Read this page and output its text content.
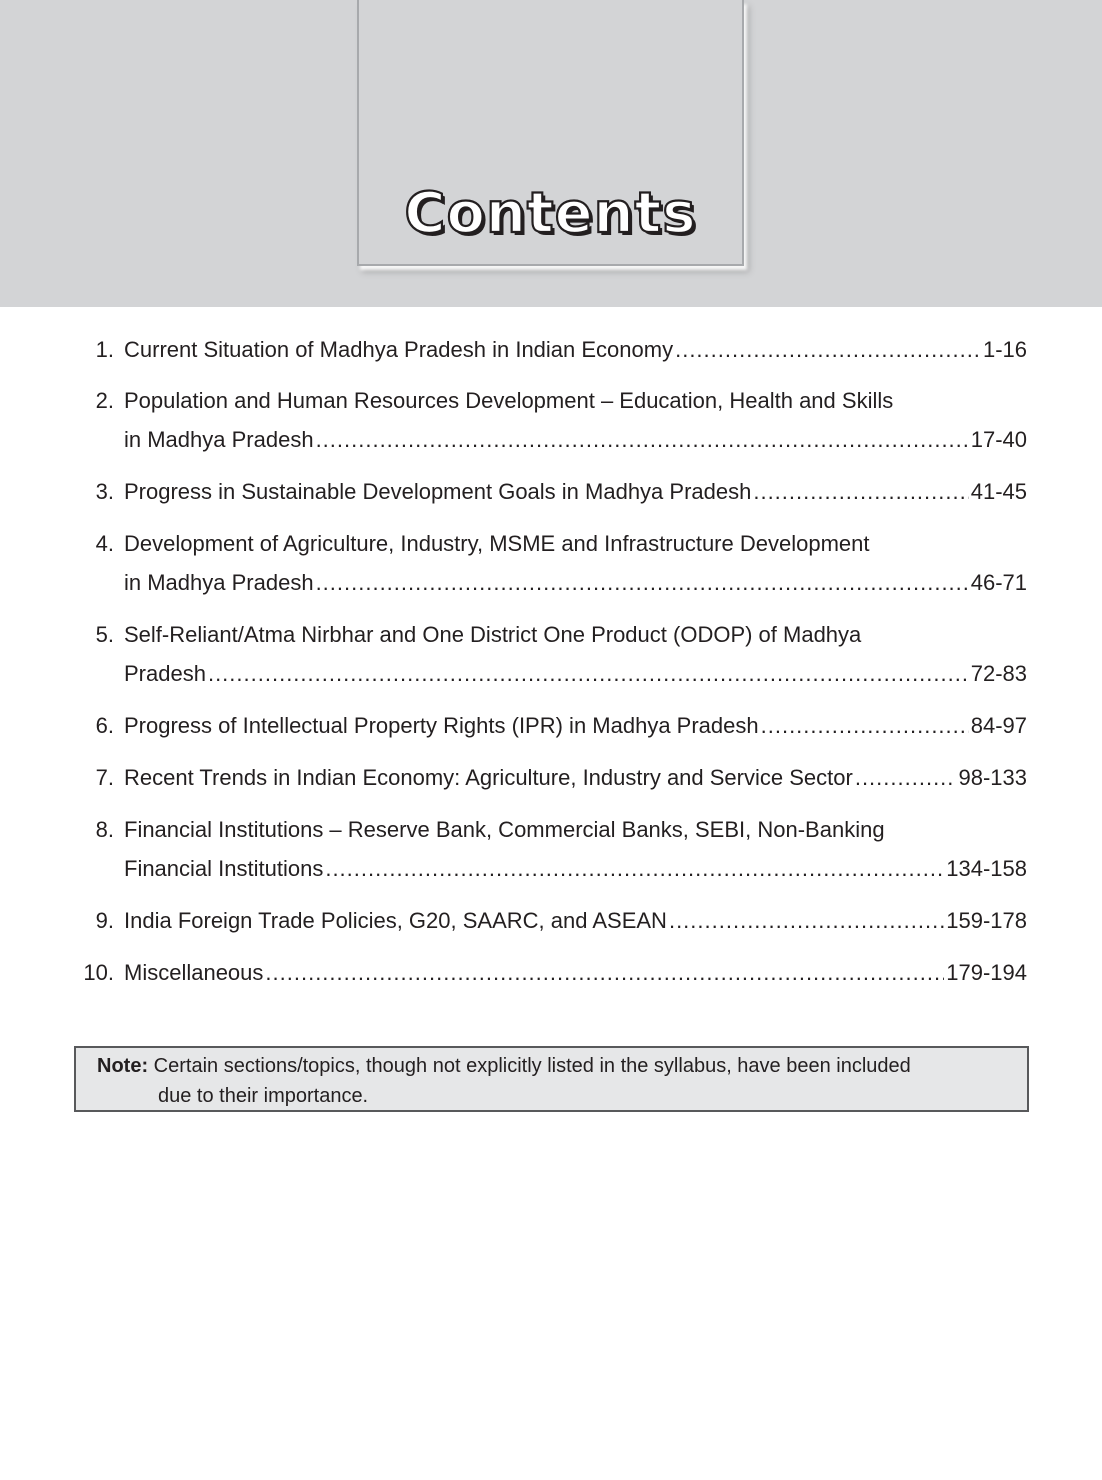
Contents
1. Current Situation of Madhya Pradesh in Indian Economy .....	1-16
2. Population and Human Resources Development – Education, Health and Skills
in Madhya Pradesh .....	17-40
3. Progress in Sustainable Development Goals in Madhya Pradesh .....	41-45
4. Development of Agriculture, Industry, MSME and Infrastructure Development
in Madhya Pradesh .....	46-71
5. Self-Reliant/Atma Nirbhar and One District One Product (ODOP) of Madhya
Pradesh .....	72-83
6. Progress of Intellectual Property Rights (IPR) in Madhya Pradesh .....	84-97
7. Recent Trends in Indian Economy: Agriculture, Industry and Service Sector .....	98-133
8. Financial Institutions – Reserve Bank, Commercial Banks, SEBI, Non-Banking
Financial Institutions .....	134-158
9. India Foreign Trade Policies, G20, SAARC, and ASEAN .....	159-178
10. Miscellaneous .....	179-194
Note: Certain sections/topics, though not explicitly listed in the syllabus, have been included
due to their importance.
